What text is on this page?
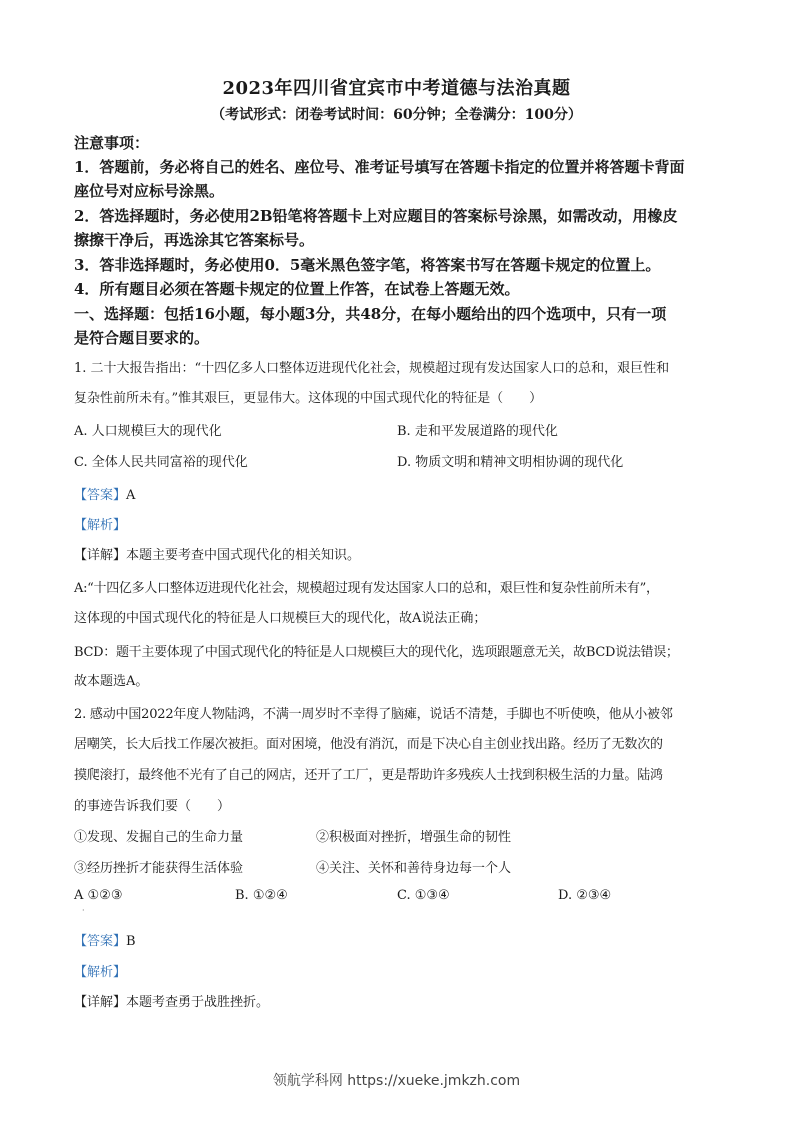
2023年四川省宜宾市中考道德与法治真题
（考试形式：闭卷考试时间：60分钟；全卷满分：100分）
注意事项：
1．答题前，务必将自己的姓名、座位号、准考证号填写在答题卡指定的位置并将答题卡背面
座位号对应标号涂黑。
2．答选择题时，务必使用2B铅笔将答题卡上对应题目的答案标号涂黑，如需改动，用橡皮
擦擦干净后，再选涂其它答案标号。
3．答非选择题时，务必使用0．5毫米黑色签字笔，将答案书写在答题卡规定的位置上。
4．所有题目必须在答题卡规定的位置上作答，在试卷上答题无效。
一、选择题：包括16小题，每小题3分，共48分，在每小题给出的四个选项中，只有一项
是符合题目要求的。
1. 二十大报告指出：“十四亿多人口整体迈进现代化社会，规模超过现有发达国家人口的总和，艰巨性和
复杂性前所未有。”惟其艰巨，更显伟大。这体现的中国式现代化的特征是（　　）
A. 人口规模巨大的现代化	B. 走和平发展道路的现代化
C. 全体人民共同富裕的现代化	D. 物质文明和精神文明相协调的现代化
【答案】A
【解析】
【详解】本题主要考查中国式现代化的相关知识。
A:“十四亿多人口整体迈进现代化社会，规模超过现有发达国家人口的总和，艰巨性和复杂性前所未有”，
这体现的中国式现代化的特征是人口规模巨大的现代化，故A说法正确；
BCD：题干主要体现了中国式现代化的特征是人口规模巨大的现代化，选项跟题意无关，故BCD说法错误；
故本题选A。
2. 感动中国2022年度人物陆鸿，不满一周岁时不幸得了脑瘫，说话不清楚，手脚也不听使唤，他从小被邻
居嘲笑，长大后找工作屡次被拒。面对困境，他没有消沉，而是下决心自主创业找出路。经历了无数次的
摸爬滚打，最终他不光有了自己的网店，还开了工厂，更是帮助许多残疾人士找到积极生活的力量。陆鸿
的事迹告诉我们要（　　）
①发现、发掘自己的生命力量	②积极面对挫折，增强生命的韧性
③经历挫折才能获得生活体验	④关注、关怀和善待身边每一个人
A ①②③	B. ①②④	C. ①③④	D. ②③④
·
【答案】B
【解析】
【详解】本题考查勇于战胜挫折。
领航学科网 https://xueke.jmkzh.com
